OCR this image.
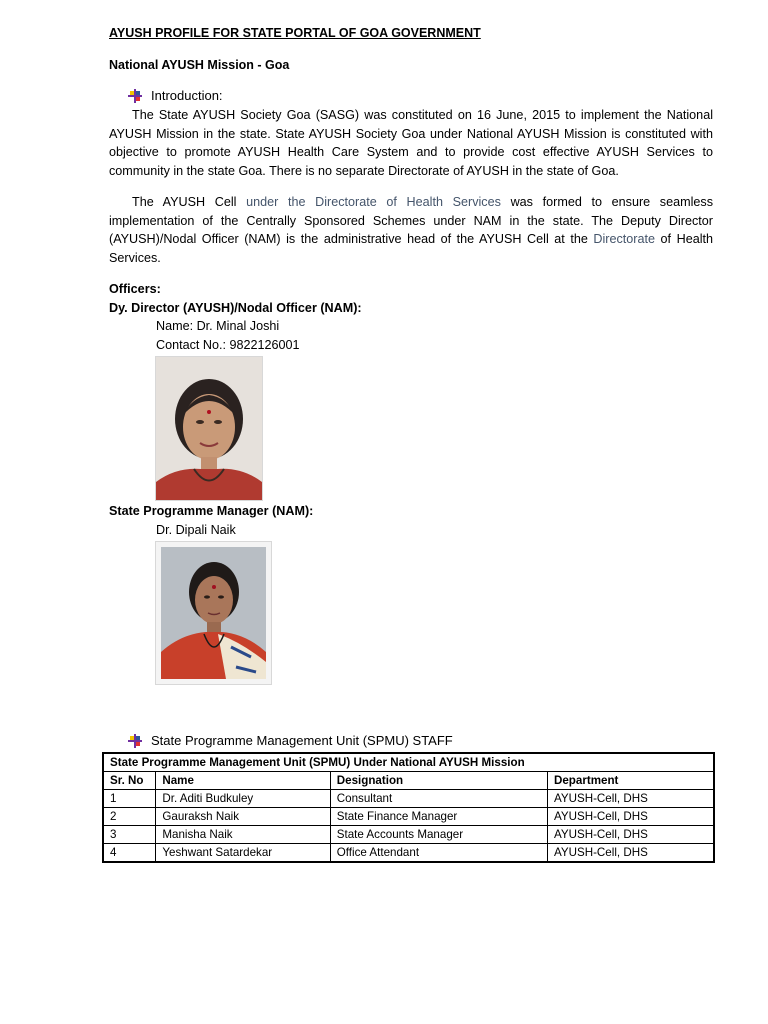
AYUSH PROFILE FOR STATE PORTAL OF GOA GOVERNMENT
National AYUSH Mission - Goa
Introduction:
The State AYUSH Society Goa (SASG) was constituted on 16 June, 2015 to implement the National AYUSH Mission in the state. State AYUSH Society Goa under National AYUSH Mission is constituted with objective to promote AYUSH Health Care System and to provide cost effective AYUSH Services to community in the state Goa. There is no separate Directorate of AYUSH in the state of Goa.
The AYUSH Cell under the Directorate of Health Services was formed to ensure seamless implementation of the Centrally Sponsored Schemes under NAM in the state. The Deputy Director (AYUSH)/Nodal Officer (NAM) is the administrative head of the AYUSH Cell at the Directorate of Health Services.
Officers:
Dy. Director (AYUSH)/Nodal Officer (NAM):
Name: Dr. Minal Joshi
Contact No.: 9822126001
State Programme Manager (NAM):
Dr. Dipali Naik
State Programme Management Unit (SPMU) STAFF
State Programme Management Unit (SPMU) Under National AYUSH Mission			
Sr. No	Name	Designation	Department
1	Dr. Aditi Budkuley	Consultant	AYUSH-Cell, DHS
2	Gauraksh Naik	State Finance Manager	AYUSH-Cell, DHS
3	Manisha Naik	State Accounts Manager	AYUSH-Cell, DHS
4	Yeshwant Satardekar	Office Attendant	AYUSH-Cell, DHS
